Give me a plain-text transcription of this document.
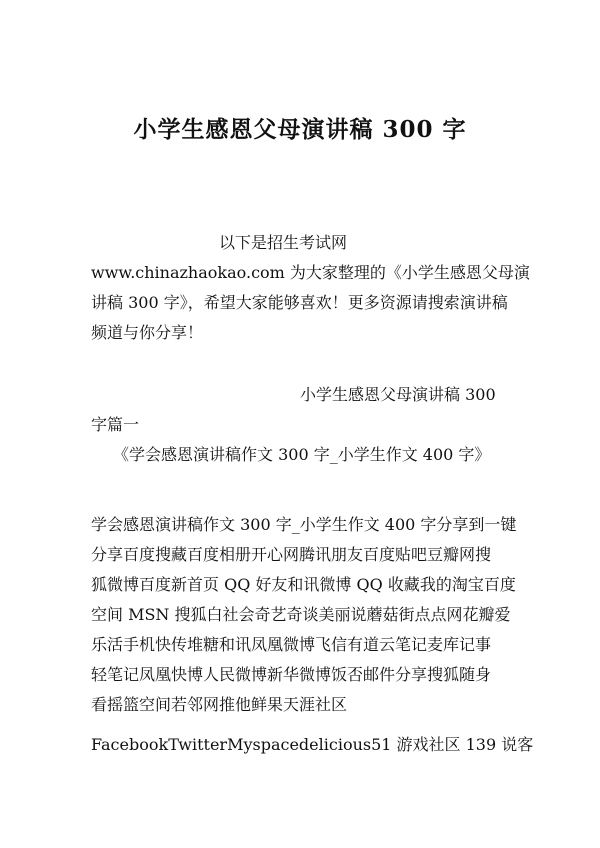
小学生感恩父母演讲稿 300 字
以下是招生考试网
www.chinazhaokao.com 为大家整理的《小学生感恩父母演
讲稿 300 字》，希望大家能够喜欢！更多资源请搜索演讲稿
频道与你分享！
小学生感恩父母演讲稿 300
字篇一
《学会感恩演讲稿作文 300 字_小学生作文 400 字》
学会感恩演讲稿作文 300 字_小学生作文 400 字分享到一键
分享百度搜藏百度相册开心网腾讯朋友百度贴吧豆瓣网搜
狐微博百度新首页 QQ 好友和讯微博 QQ 收藏我的淘宝百度
空间 MSN 搜狐白社会奇艺奇谈美丽说蘑菇街点点网花瓣爱
乐活手机快传堆糖和讯凤凰微博飞信有道云笔记麦库记事
轻笔记凤凰快博人民微博新华微博饭否邮件分享搜狐随身
看摇篮空间若邻网推他鲜果天涯社区
FacebookTwitterMyspacedelicious51 游戏社区 139 说客
